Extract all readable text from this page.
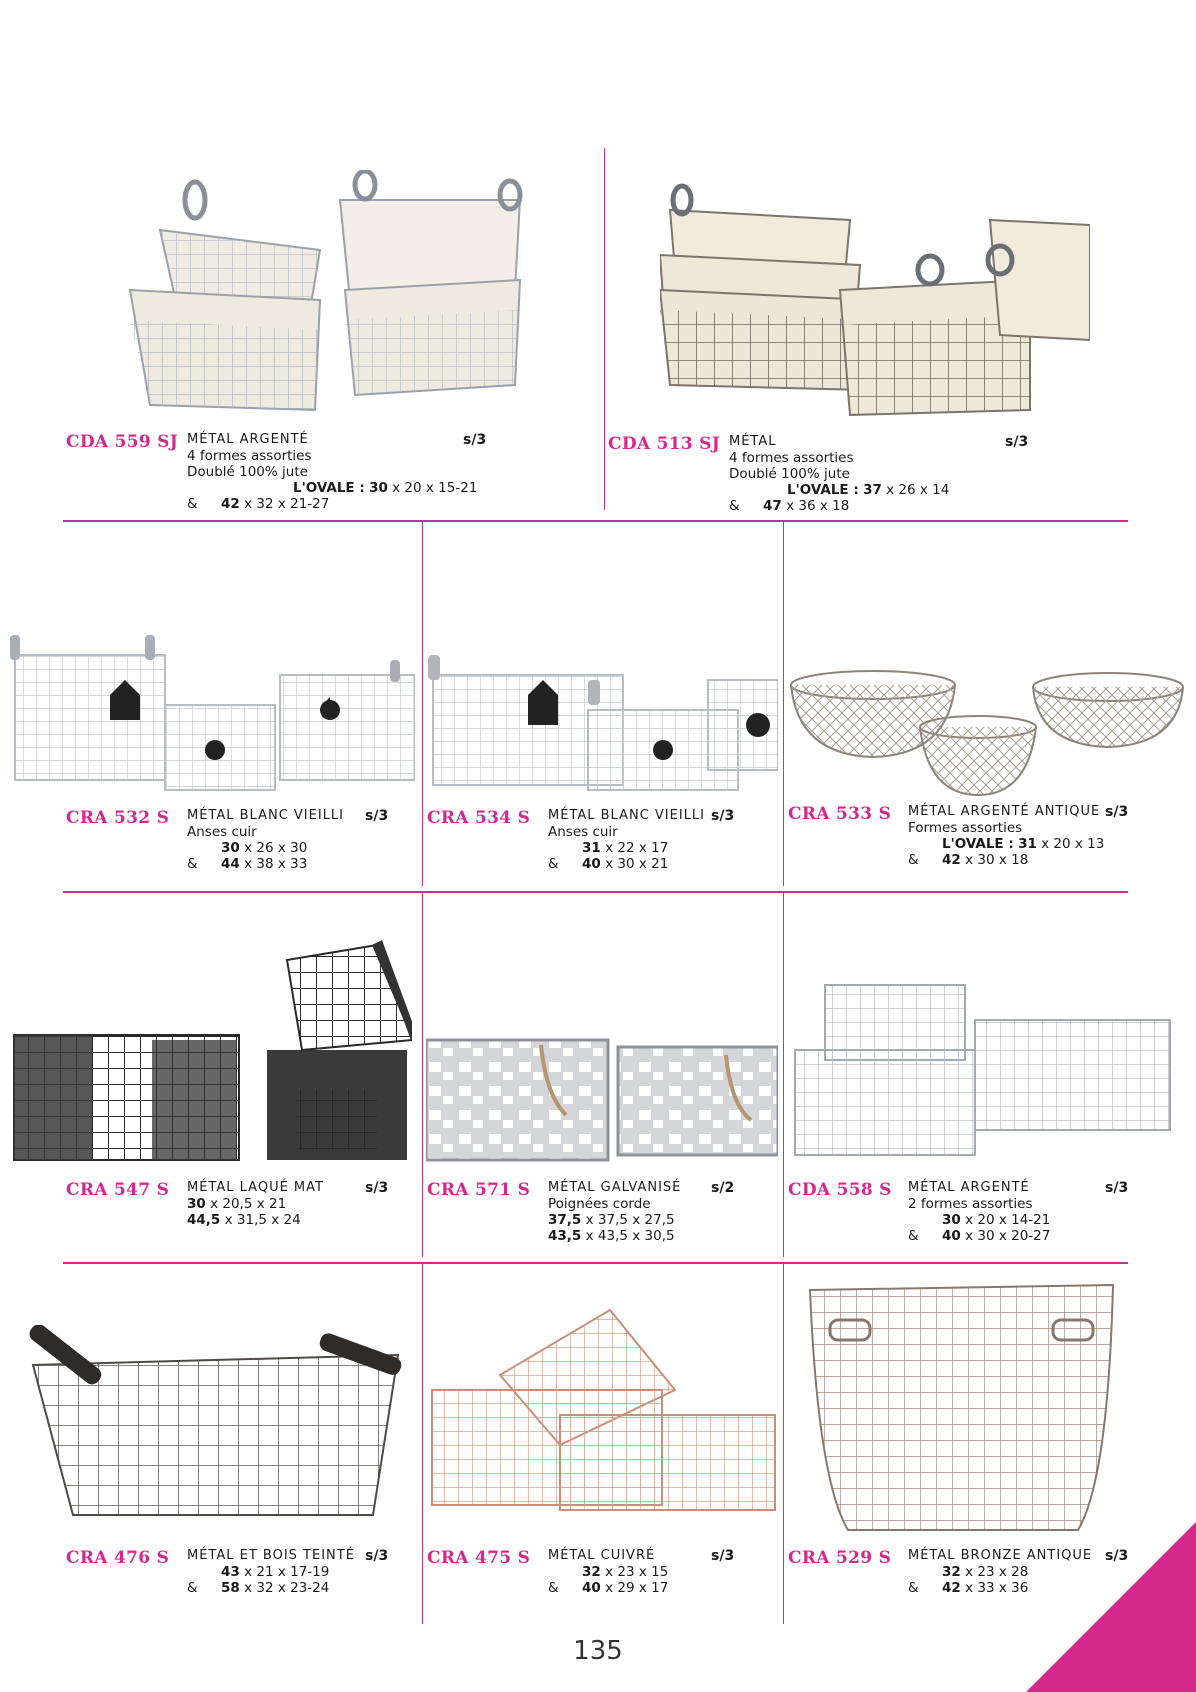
CDA 559 SJ	s/3
MÉTAL ARGENTÉ
4 formes assorties
Doublé 100% jute
L'OVALE : 30 x 20 x 15-21
& 42 x 32 x 21-27
CDA 513 SJ	s/3
MÉTAL
4 formes assorties
Doublé 100% jute
L'OVALE : 37 x 26 x 14
& 47 x 36 x 18
CRA 532 S	s/3
MÉTAL BLANC VIEILLI
Anses cuir
30 x 26 x 30
& 44 x 38 x 33
CRA 534 S	s/3
MÉTAL BLANC VIEILLI
Anses cuir
31 x 22 x 17
& 40 x 30 x 21
CRA 533 S	s/3
MÉTAL ARGENTÉ ANTIQUE
Formes assorties
L'OVALE : 31 x 20 x 13
& 42 x 30 x 18
CRA 547 S	s/3
MÉTAL LAQUÉ MAT
30 x 20,5 x 21
44,5 x 31,5 x 24
CRA 571 S	s/2
MÉTAL GALVANISÉ
Poignées corde
37,5 x 37,5 x 27,5
43,5 x 43,5 x 30,5
CDA 558 S	s/3
MÉTAL ARGENTÉ
2 formes assorties
30 x 20 x 14-21
& 40 x 30 x 20-27
CRA 476 S	s/3
MÉTAL ET BOIS TEINTÉ
43 x 21 x 17-19
& 58 x 32 x 23-24
CRA 475 S	s/3
MÉTAL CUIVRÉ
32 x 23 x 15
& 40 x 29 x 17
CRA 529 S	s/3
MÉTAL BRONZE ANTIQUE
32 x 23 x 28
& 42 x 33 x 36
135
